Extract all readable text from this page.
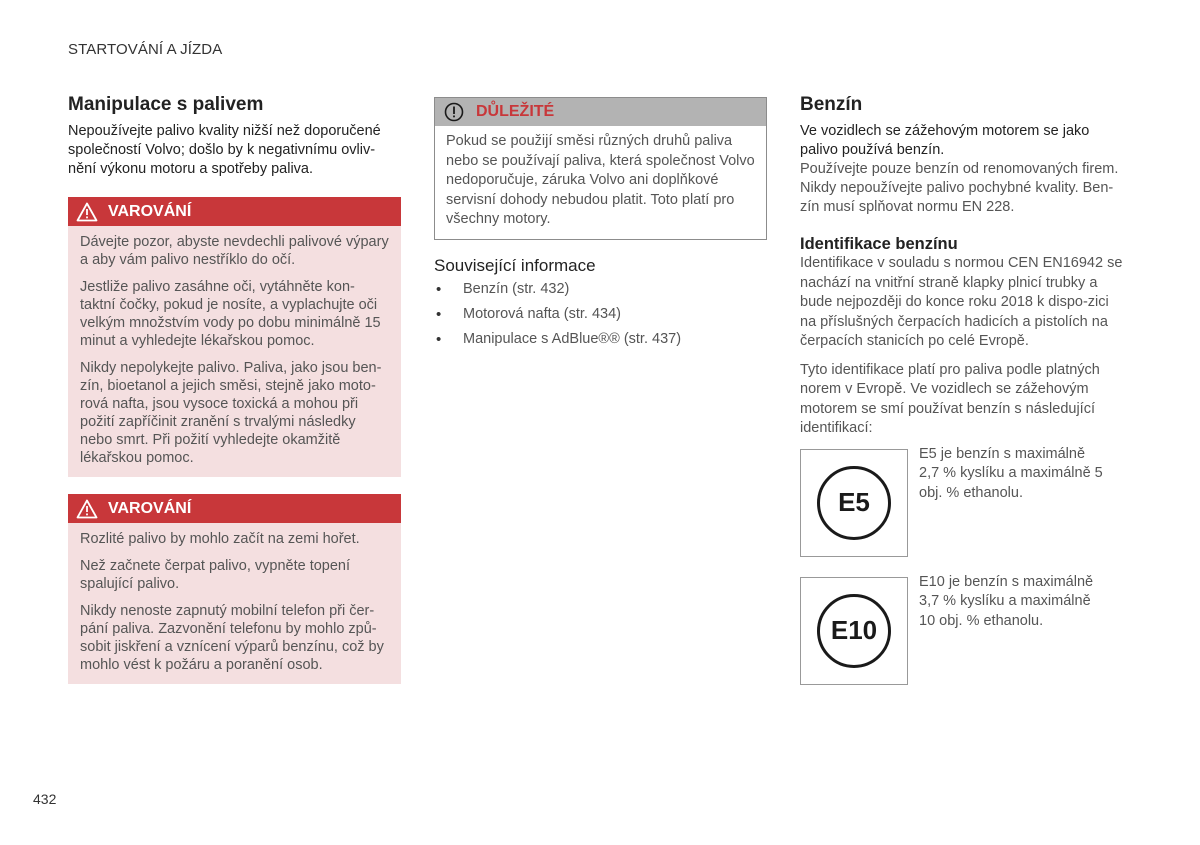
STARTOVÁNÍ A JÍZDA
Manipulace s palivem

Nepoužívejte palivo kvality nižší než doporučené společností Volvo; došlo by k negativnímu ovliv-nění výkonu motoru a spotřeby paliva.

VAROVÁNÍ

Dávejte pozor, abyste nevdechli palivové výpary a aby vám palivo nestříklo do očí.

Jestliže palivo zasáhne oči, vytáhněte kon-taktní čočky, pokud je nosíte, a vyplachujte oči velkým množstvím vody po dobu minimálně 15 minut a vyhledejte lékařskou pomoc.

Nikdy nepolykejte palivo. Paliva, jako jsou ben-zín, bioetanol a jejich směsi, stejně jako moto-rová nafta, jsou vysoce toxická a mohou při požití zapříčinit zranění s trvalými následky nebo smrt. Při požití vyhledejte okamžitě lékařskou pomoc.

VAROVÁNÍ

Rozlité palivo by mohlo začít na zemi hořet.

Než začnete čerpat palivo, vypněte topení spalující palivo.

Nikdy nenoste zapnutý mobilní telefon při čer-pání paliva. Zazvonění telefonu by mohlo způ-sobit jiskření a vznícení výparů benzínu, což by mohlo vést k požáru a poranění osob.

DŮLEŽITÉ

Pokud se použijí směsi různých druhů paliva nebo se používají paliva, která společnost Volvo nedoporučuje, záruka Volvo ani doplňkové servisní dohody nebudou platit. Toto platí pro všechny motory.

Související informace
• Benzín (str. 432)
• Motorová nafta (str. 434)
• Manipulace s AdBlue®® (str. 437)
Benzín

Ve vozidlech se zážehovým motorem se jako palivo používá benzín.

Používejte pouze benzín od renomovaných firem. Nikdy nepoužívejte palivo pochybné kvality. Ben-zín musí splňovat normu EN 228.

Identifikace benzínu

Identifikace v souladu s normou CEN EN16942 se nachází na vnitřní straně klapky plnicí trubky a bude nejpozději do konce roku 2018 k dispo-zici na příslušných čerpacích hadicích a pistolích na čerpacích stanicích po celé Evropě.

Tyto identifikace platí pro paliva podle platných norem v Evropě. Ve vozidlech se zážehovým motorem se smí používat benzín s následující identifikací:

E5

E5 je benzín s maximálně 2,7 % kyslíku a maximálně 5 obj. % ethanolu.

E10

E10 je benzín s maximálně 3,7 % kyslíku a maximálně 10 obj. % ethanolu.

432
